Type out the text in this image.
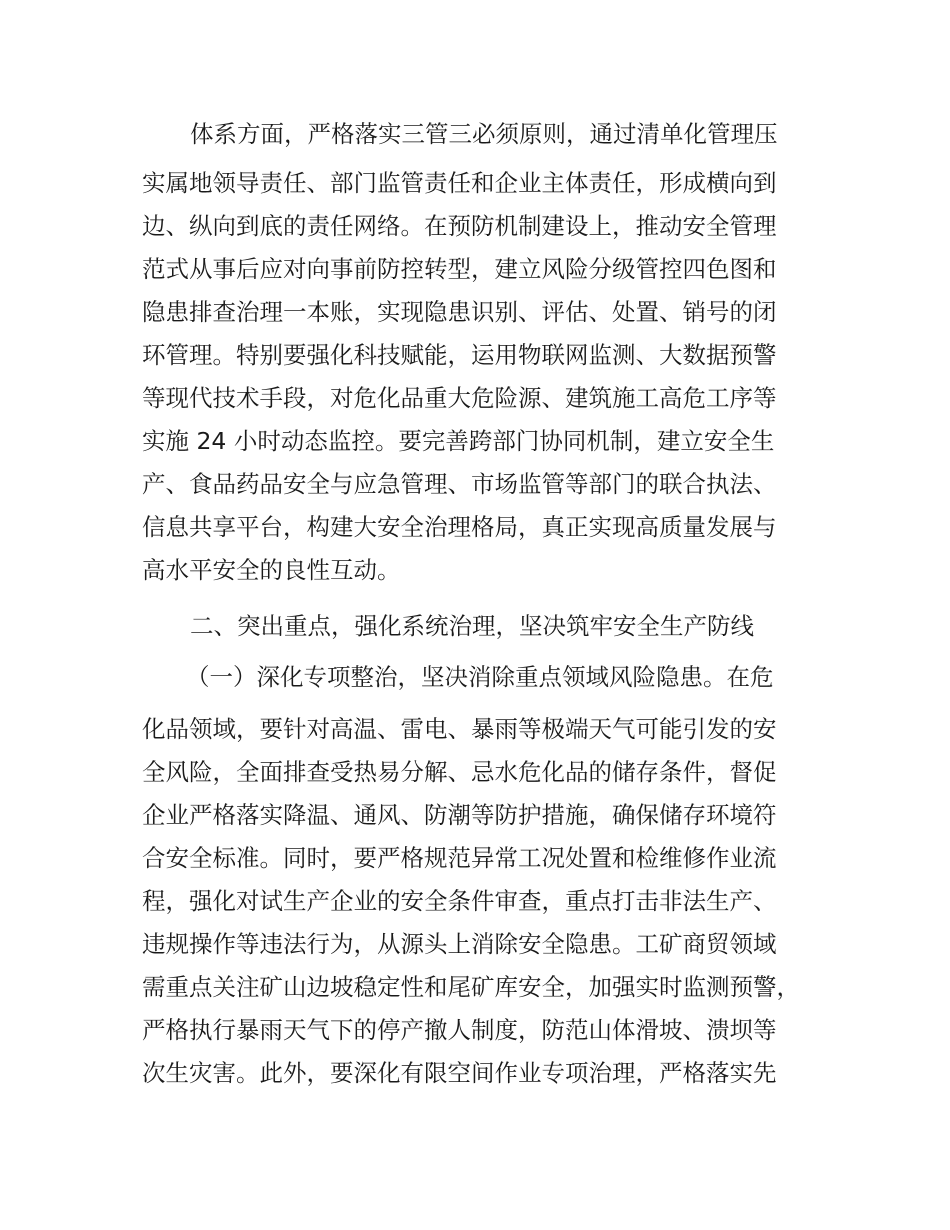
体系方面，严格落实三管三必须原则，通过清单化管理压
实属地领导责任、部门监管责任和企业主体责任，形成横向到
边、纵向到底的责任网络。在预防机制建设上，推动安全管理
范式从事后应对向事前防控转型，建立风险分级管控四色图和
隐患排查治理一本账，实现隐患识别、评估、处置、销号的闭
环管理。特别要强化科技赋能，运用物联网监测、大数据预警
等现代技术手段，对危化品重大危险源、建筑施工高危工序等
实施 24 小时动态监控。要完善跨部门协同机制，建立安全生
产、食品药品安全与应急管理、市场监管等部门的联合执法、
信息共享平台，构建大安全治理格局，真正实现高质量发展与
高水平安全的良性互动。
二、突出重点，强化系统治理，坚决筑牢安全生产防线
（一）深化专项整治，坚决消除重点领域风险隐患。在危
化品领域，要针对高温、雷电、暴雨等极端天气可能引发的安
全风险，全面排查受热易分解、忌水危化品的储存条件，督促
企业严格落实降温、通风、防潮等防护措施，确保储存环境符
合安全标准。同时，要严格规范异常工况处置和检维修作业流
程，强化对试生产企业的安全条件审查，重点打击非法生产、
违规操作等违法行为，从源头上消除安全隐患。工矿商贸领域
需重点关注矿山边坡稳定性和尾矿库安全，加强实时监测预警，
严格执行暴雨天气下的停产撤人制度，防范山体滑坡、溃坝等
次生灾害。此外，要深化有限空间作业专项治理，严格落实先
